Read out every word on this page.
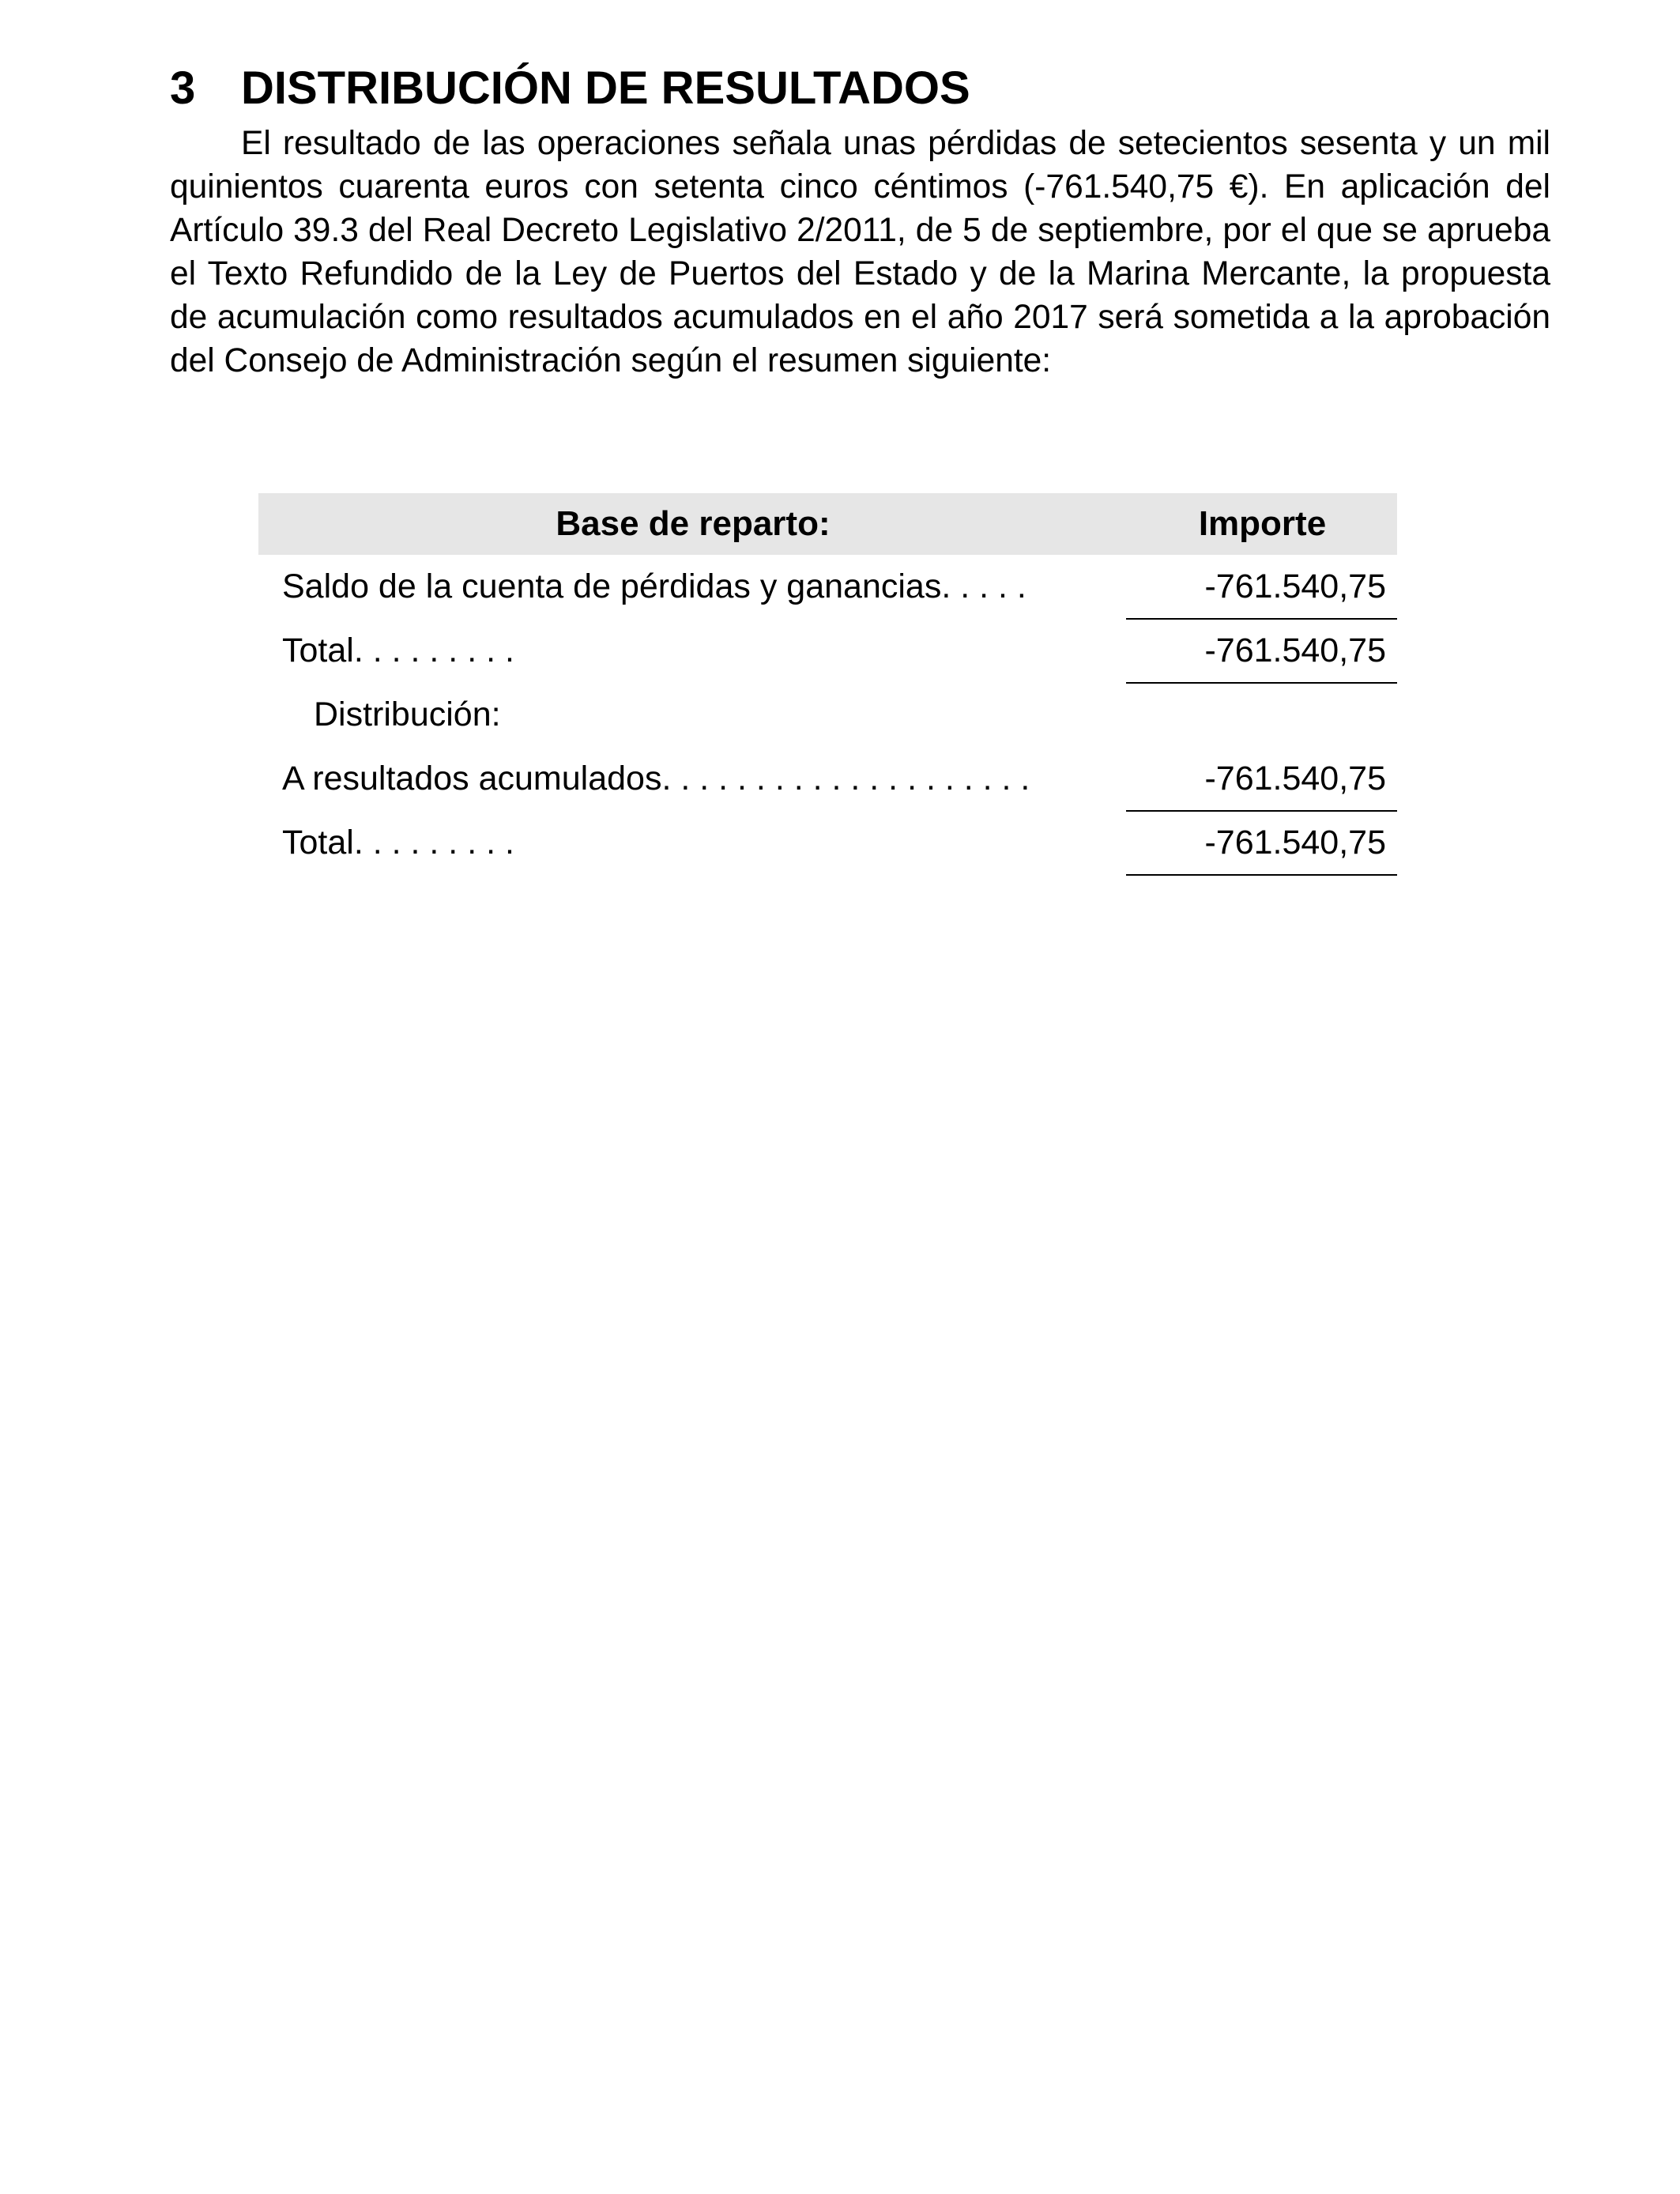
3 DISTRIBUCIÓN DE RESULTADOS

El resultado de las operaciones señala unas pérdidas de setecientos sesenta y un mil quinientos cuarenta euros con setenta cinco céntimos (-761.540,75 €). En aplicación del Artículo 39.3 del Real Decreto Legislativo 2/2011, de 5 de septiembre, por el que se aprueba el Texto Refundido de la Ley de Puertos del Estado y de la Marina Mercante, la propuesta de acumulación como resultados acumulados en el año 2017 será sometida a la aprobación del Consejo de Administración según el resumen siguiente:

Base de reparto:	Importe
Saldo de la cuenta de pérdidas y ganancias. . . . .	-761.540,75
Total. . . . . . . . .	-761.540,75
Distribución:
A resultados acumulados. . . . . . . . . . . . . . . . . . . .	-761.540,75
Total. . . . . . . . .	-761.540,75
